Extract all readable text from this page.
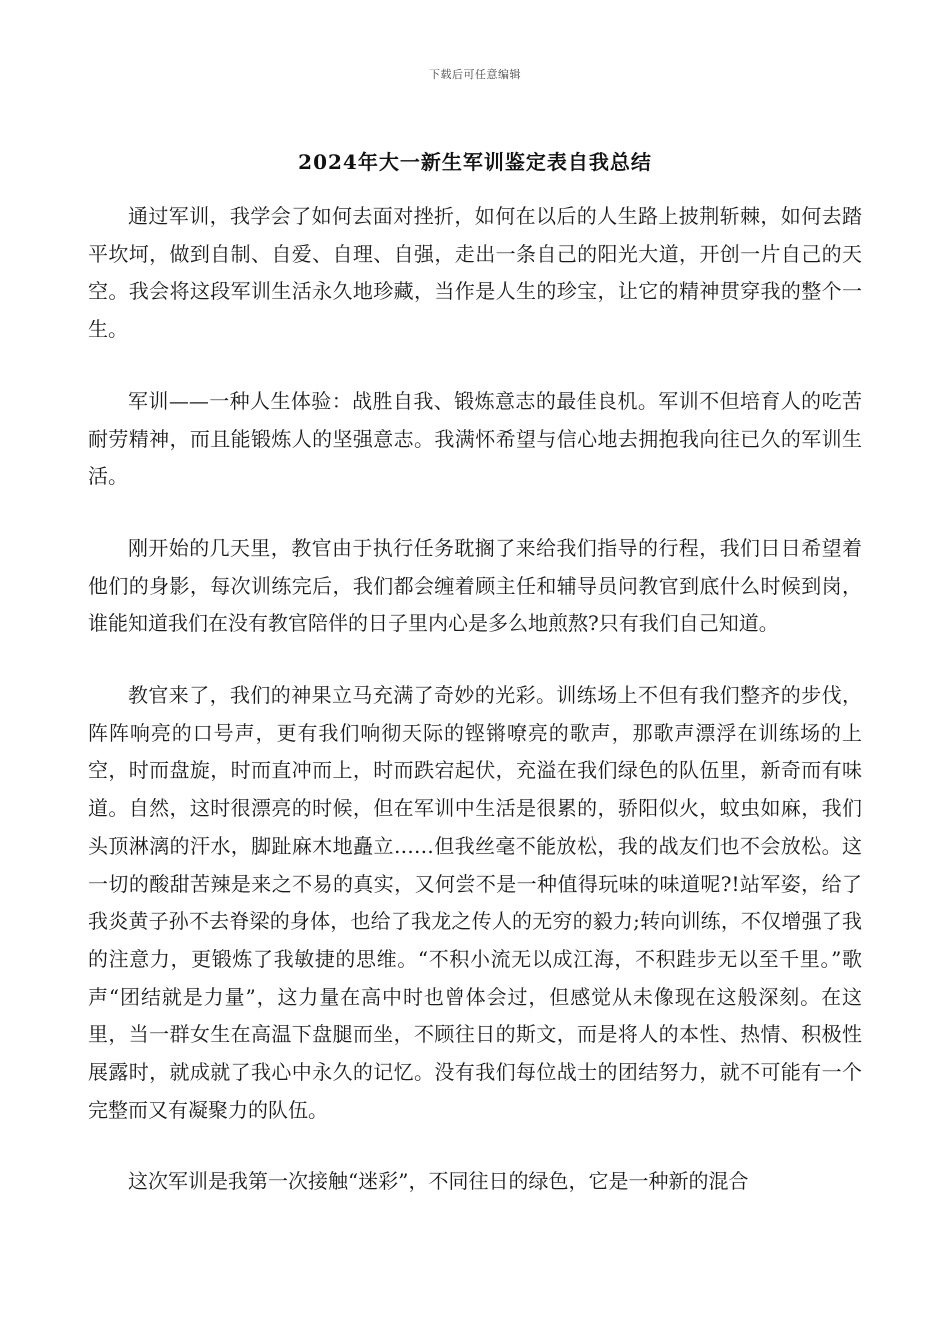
下载后可任意编辑
2024年大一新生军训鉴定表自我总结

通过军训，我学会了如何去面对挫折，如何在以后的人生路上披荆斩棘，如何去踏平坎坷，做到自制、自爱、自理、自强，走出一条自己的阳光大道，开创一片自己的天空。我会将这段军训生活永久地珍藏，当作是人生的珍宝，让它的精神贯穿我的整个一生。

军训——一种人生体验：战胜自我、锻炼意志的最佳良机。军训不但培育人的吃苦耐劳精神，而且能锻炼人的坚强意志。我满怀希望与信心地去拥抱我向往已久的军训生活。

刚开始的几天里，教官由于执行任务耽搁了来给我们指导的行程，我们日日希望着他们的身影，每次训练完后，我们都会缠着顾主任和辅导员问教官到底什么时候到岗，谁能知道我们在没有教官陪伴的日子里内心是多么地煎熬?只有我们自己知道。

教官来了，我们的神果立马充满了奇妙的光彩。训练场上不但有我们整齐的步伐，阵阵响亮的口号声，更有我们响彻天际的铿锵嘹亮的歌声，那歌声漂浮在训练场的上空，时而盘旋，时而直冲而上，时而跌宕起伏，充溢在我们绿色的队伍里，新奇而有味道。自然，这时很漂亮的时候，但在军训中生活是很累的，骄阳似火，蚊虫如麻，我们头顶淋漓的汗水，脚趾麻木地矗立……但我丝毫不能放松，我的战友们也不会放松。这一切的酸甜苦辣是来之不易的真实，又何尝不是一种值得玩味的味道呢?!站军姿，给了我炎黄子孙不去脊梁的身体，也给了我龙之传人的无穷的毅力;转向训练，不仅增强了我的注意力，更锻炼了我敏捷的思维。“不积小流无以成江海，不积跬步无以至千里。”歌声“团结就是力量”，这力量在高中时也曾体会过，但感觉从未像现在这般深刻。在这里，当一群女生在高温下盘腿而坐，不顾往日的斯文，而是将人的本性、热情、积极性展露时，就成就了我心中永久的记忆。没有我们每位战士的团结努力，就不可能有一个完整而又有凝聚力的队伍。

这次军训是我第一次接触“迷彩”，不同往日的绿色，它是一种新的混合
